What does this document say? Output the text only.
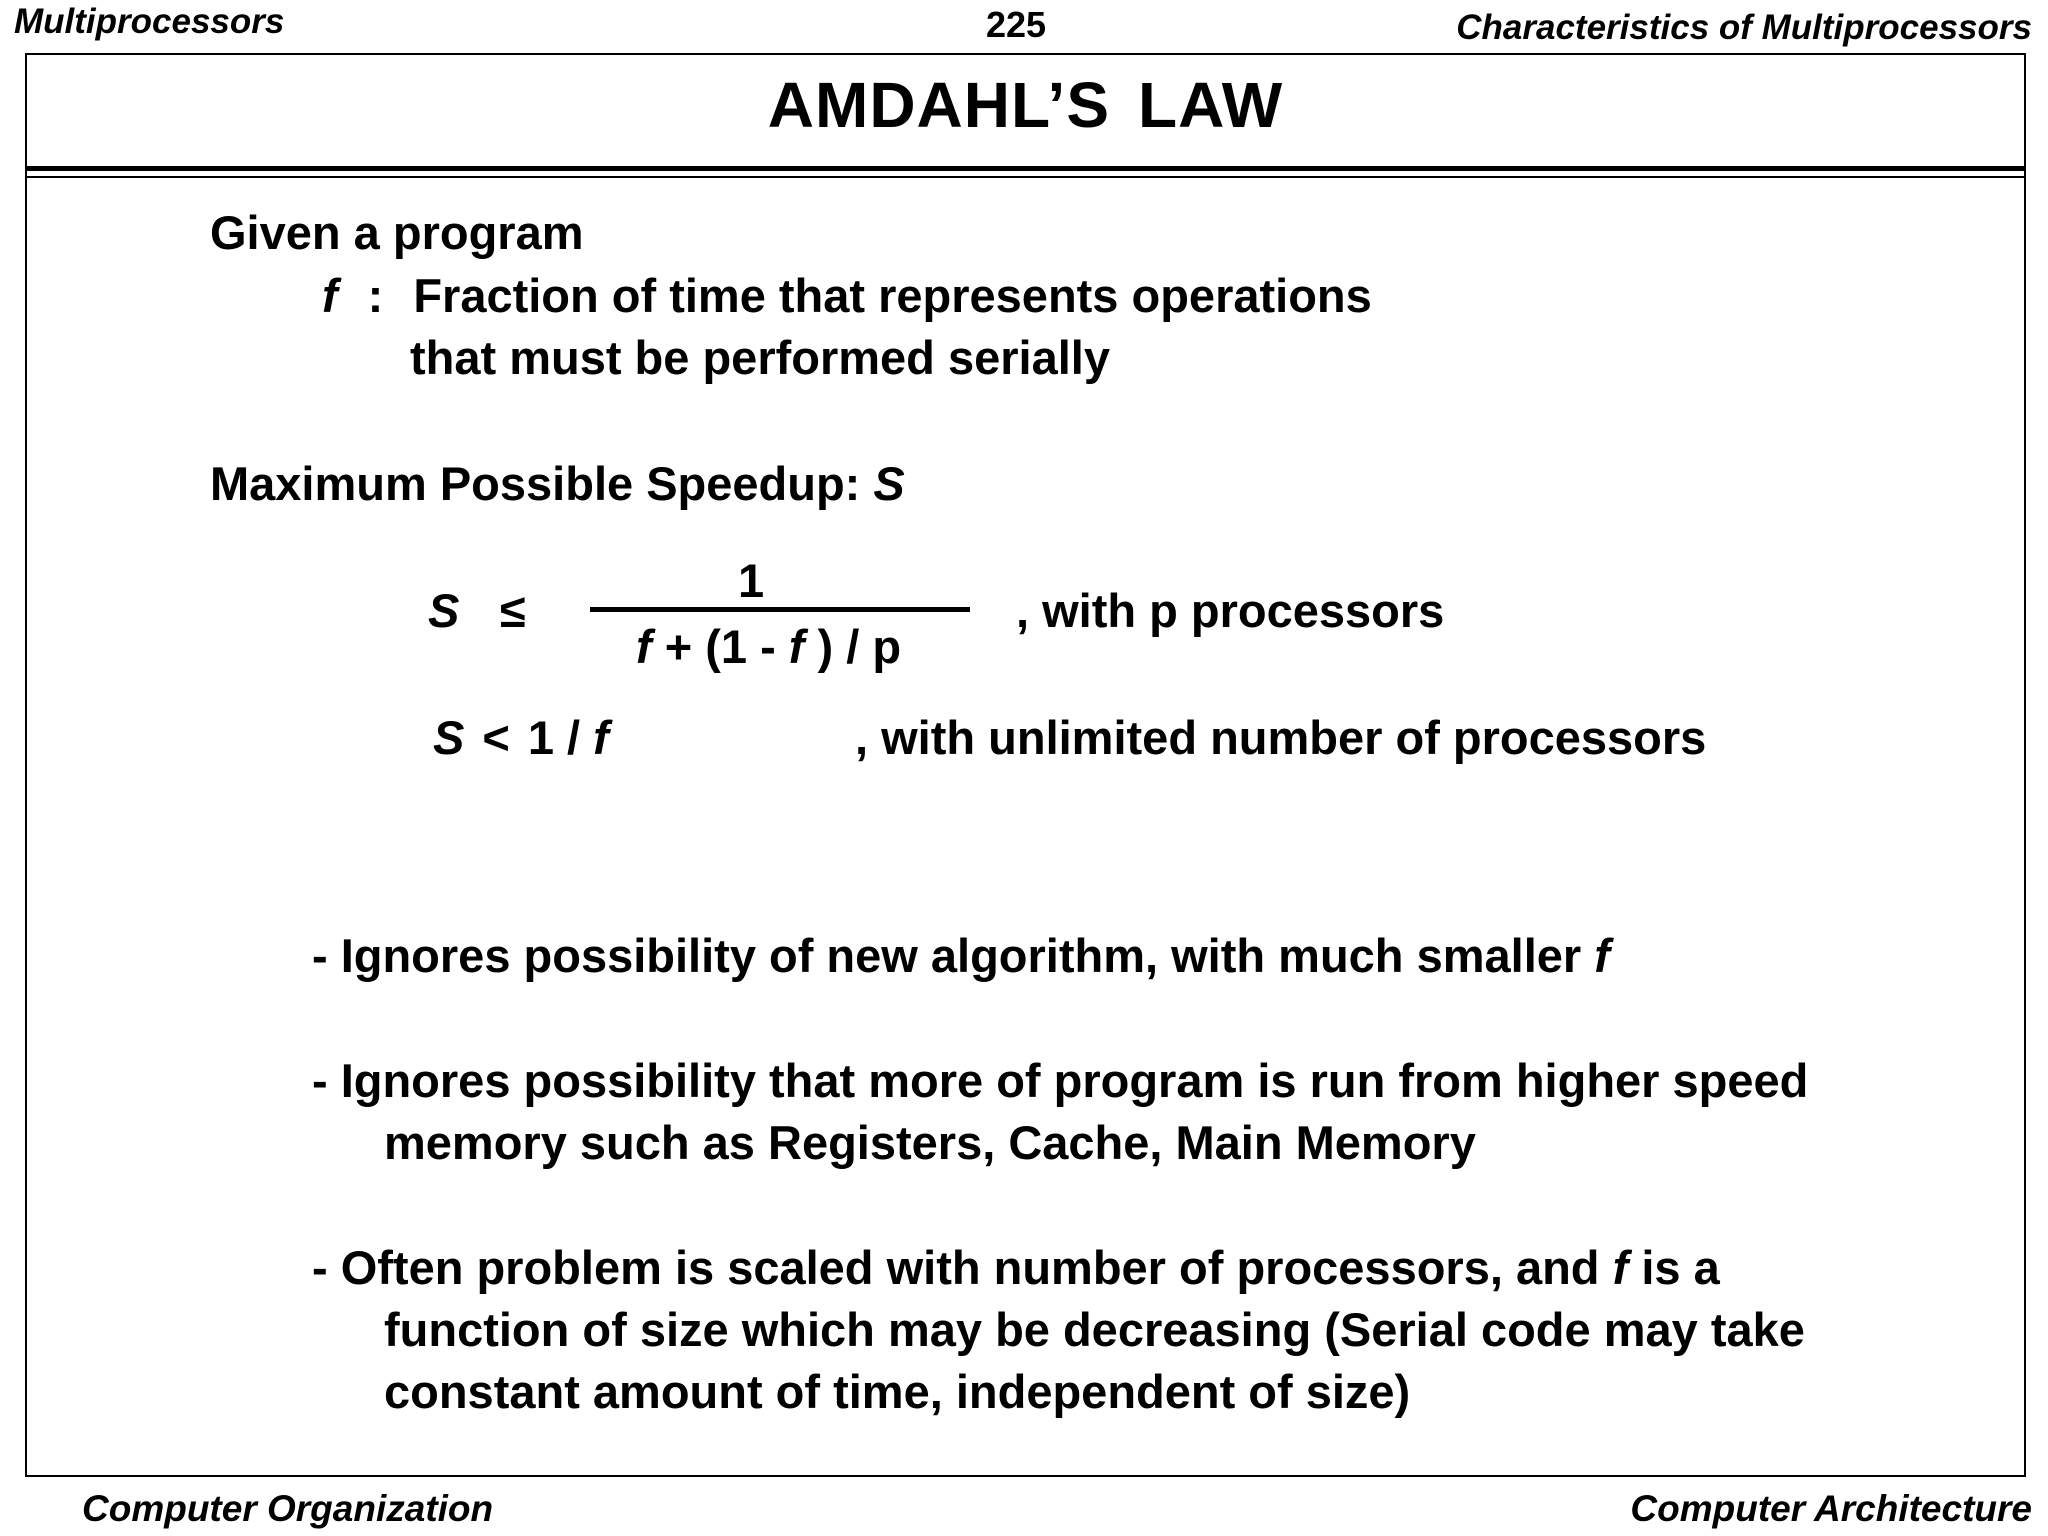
Multiprocessors	225	Characteristics of Multiprocessors
AMDAHL’S LAW
Given a program
f : Fraction of time that represents operations
that must be performed serially
Maximum Possible Speedup: S
S ≤
1
f + (1 - f ) / p
, with p processors
S < 1 / f	, with unlimited number of processors
- Ignores possibility of new algorithm, with much smaller f
- Ignores possibility that more of program is run from higher speed
memory such as Registers, Cache, Main Memory
- Often problem is scaled with number of processors, and f is a
function of size which may be decreasing (Serial code may take
constant amount of time, independent of size)
Computer Organization	Computer Architecture
